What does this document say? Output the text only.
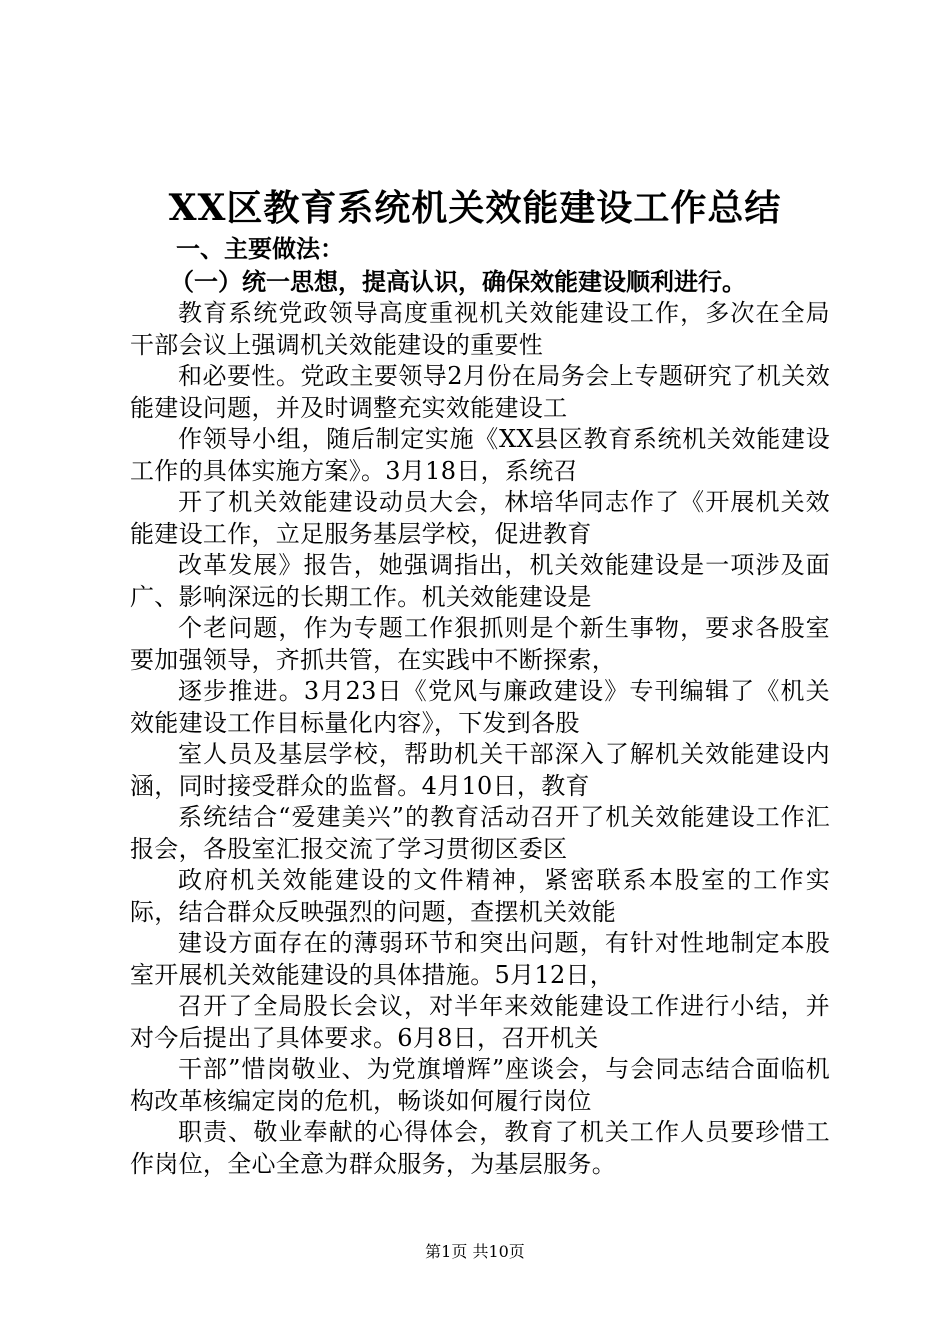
XX区教育系统机关效能建设工作总结
一、主要做法：
（一）统一思想，提高认识，确保效能建设顺利进行。

教育系统党政领导高度重视机关效能建设工作，多次在全局干部会议上强调机关效能建设的重要性

和必要性。党政主要领导2月份在局务会上专题研究了机关效能建设问题，并及时调整充实效能建设工

作领导小组，随后制定实施《XX县区教育系统机关效能建设工作的具体实施方案》。3月18日，系统召

开了机关效能建设动员大会，林培华同志作了《开展机关效能建设工作，立足服务基层学校，促进教育

改革发展》报告，她强调指出，机关效能建设是一项涉及面广、影响深远的长期工作。机关效能建设是

个老问题，作为专题工作狠抓则是个新生事物，要求各股室要加强领导，齐抓共管，在实践中不断探索，

逐步推进。3月23日《党风与廉政建设》专刊编辑了《机关效能建设工作目标量化内容》，下发到各股

室人员及基层学校，帮助机关干部深入了解机关效能建设内涵，同时接受群众的监督。4月10日，教育

系统结合“爱建美兴”的教育活动召开了机关效能建设工作汇报会，各股室汇报交流了学习贯彻区委区

政府机关效能建设的文件精神，紧密联系本股室的工作实际，结合群众反映强烈的问题，查摆机关效能

建设方面存在的薄弱环节和突出问题，有针对性地制定本股室开展机关效能建设的具体措施。5月12日，

召开了全局股长会议，对半年来效能建设工作进行小结，并对今后提出了具体要求。6月8日，召开机关

干部”惜岗敬业、为党旗增辉”座谈会，与会同志结合面临机构改革核编定岗的危机，畅谈如何履行岗位

职责、敬业奉献的心得体会，教育了机关工作人员要珍惜工作岗位，全心全意为群众服务，为基层服务。

第1页 共10页
